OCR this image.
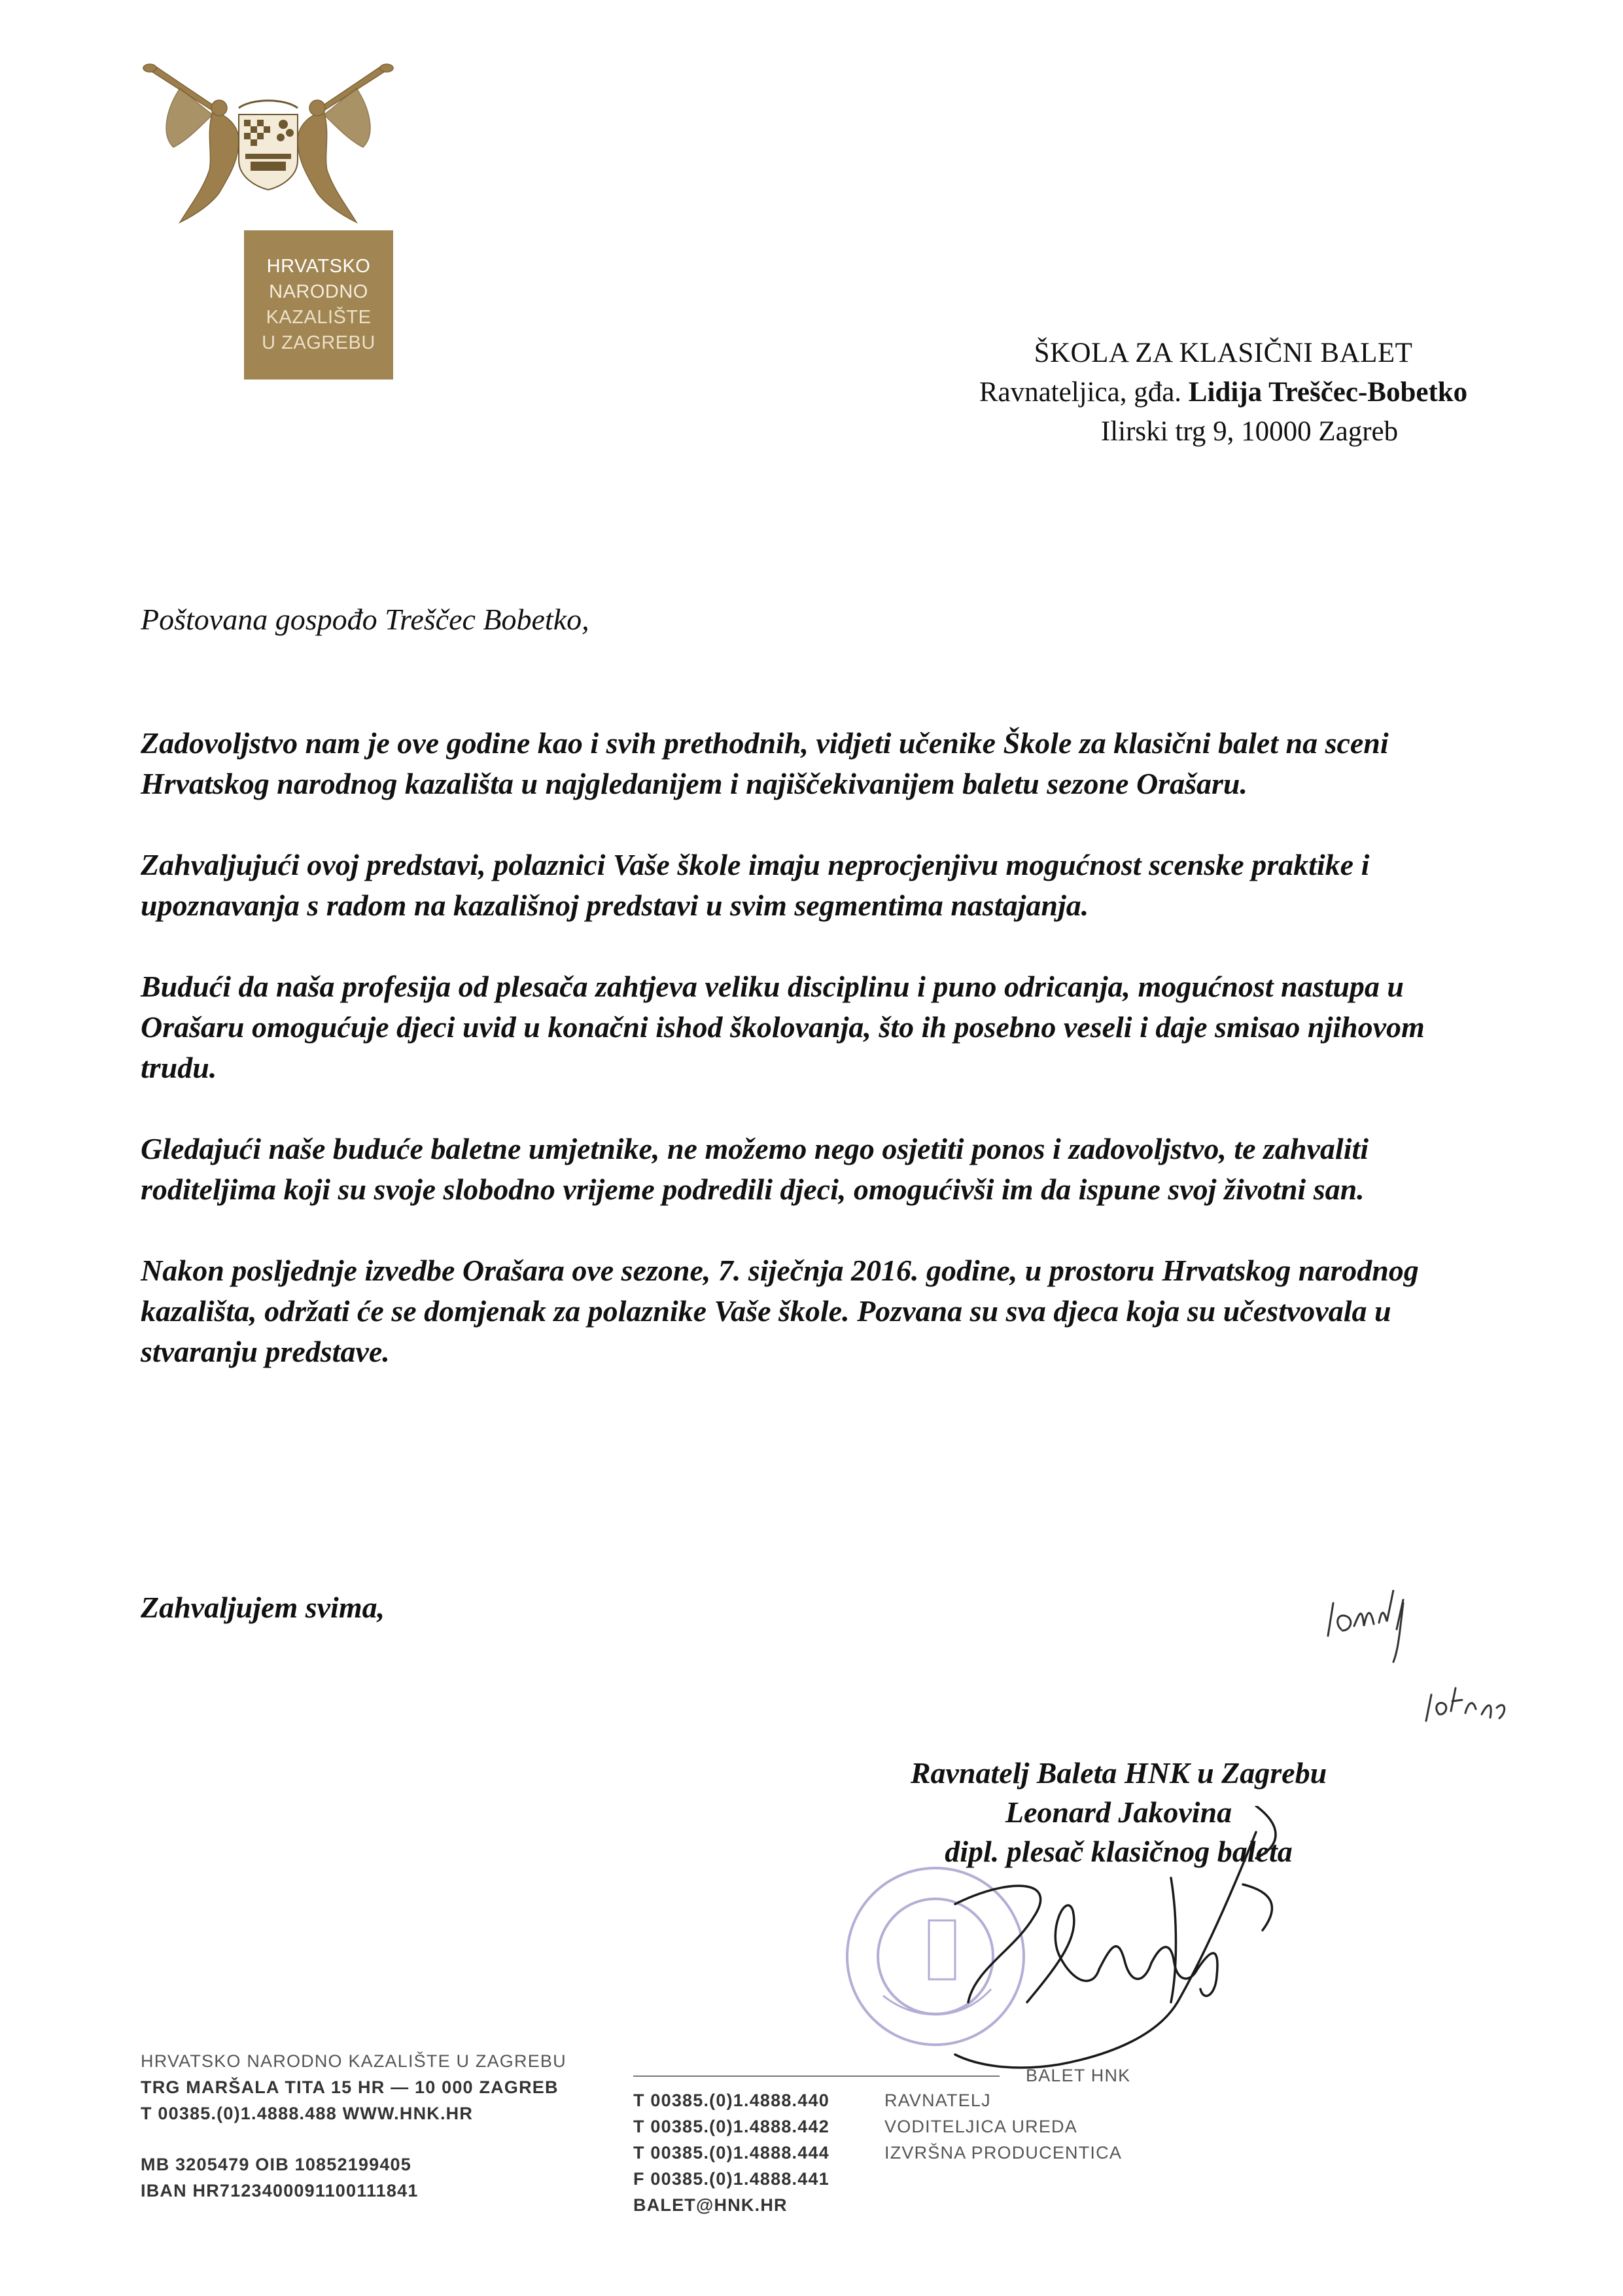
HRVATSKO
NARODNO
KAZALIŠTE
U ZAGREBU	ŠKOLA ZA KLASIČNI BALET
Ravnateljica, gđa. Lidija Treščec-Bobetko
Ilirski trg 9, 10000 Zagreb
Poštovana gospođo Treščec Bobetko,

Zadovoljstvo nam je ove godine kao i svih prethodnih, vidjeti učenike Škole za klasični balet na sceni Hrvatskog narodnog kazališta u najgledanijem i najiščekivanijem baletu sezone Orašaru.

Zahvaljujući ovoj predstavi, polaznici Vaše škole imaju neprocjenjivu mogućnost scenske praktike i upoznavanja s radom na kazališnoj predstavi u svim segmentima nastajanja.

Budući da naša profesija od plesača zahtjeva veliku disciplinu i puno odricanja, mogućnost nastupa u Orašaru omogućuje djeci uvid u konačni ishod školovanja, što ih posebno veseli i daje smisao njihovom trudu.

Gledajući naše buduće baletne umjetnike, ne možemo nego osjetiti ponos i zadovoljstvo, te zahvaliti roditeljima koji su svoje slobodno vrijeme podredili djeci, omogućivši im da ispune svoj životni san.

Nakon posljednje izvedbe Orašara ove sezone, 7. siječnja 2016. godine, u prostoru Hrvatskog narodnog kazališta, održati će se domjenak za polaznike Vaše škole. Pozvana su sva djeca koja su učestvovala u stvaranju predstave.

Zahvaljujem svima,
Ravnatelj Baleta HNK u Zagrebu
Leonard Jakovina
dipl. plesač klasičnog baleta
HRVATSKO NARODNO KAZALIŠTE U ZAGREBU
TRG MARŠALA TITA 15 HR — 10 000 ZAGREB
T 00385.(0)1.4888.488 WWW.HNK.HR
MB 3205479 OIB 10852199405
IBAN HR7123400091100111841
BALET HNK
T 00385.(0)1.4888.440
T 00385.(0)1.4888.442
T 00385.(0)1.4888.444
F 00385.(0)1.4888.441
BALET@HNK.HR
RAVNATELJ
VODITELJICA UREDA
IZVRŠNA PRODUCENTICA
